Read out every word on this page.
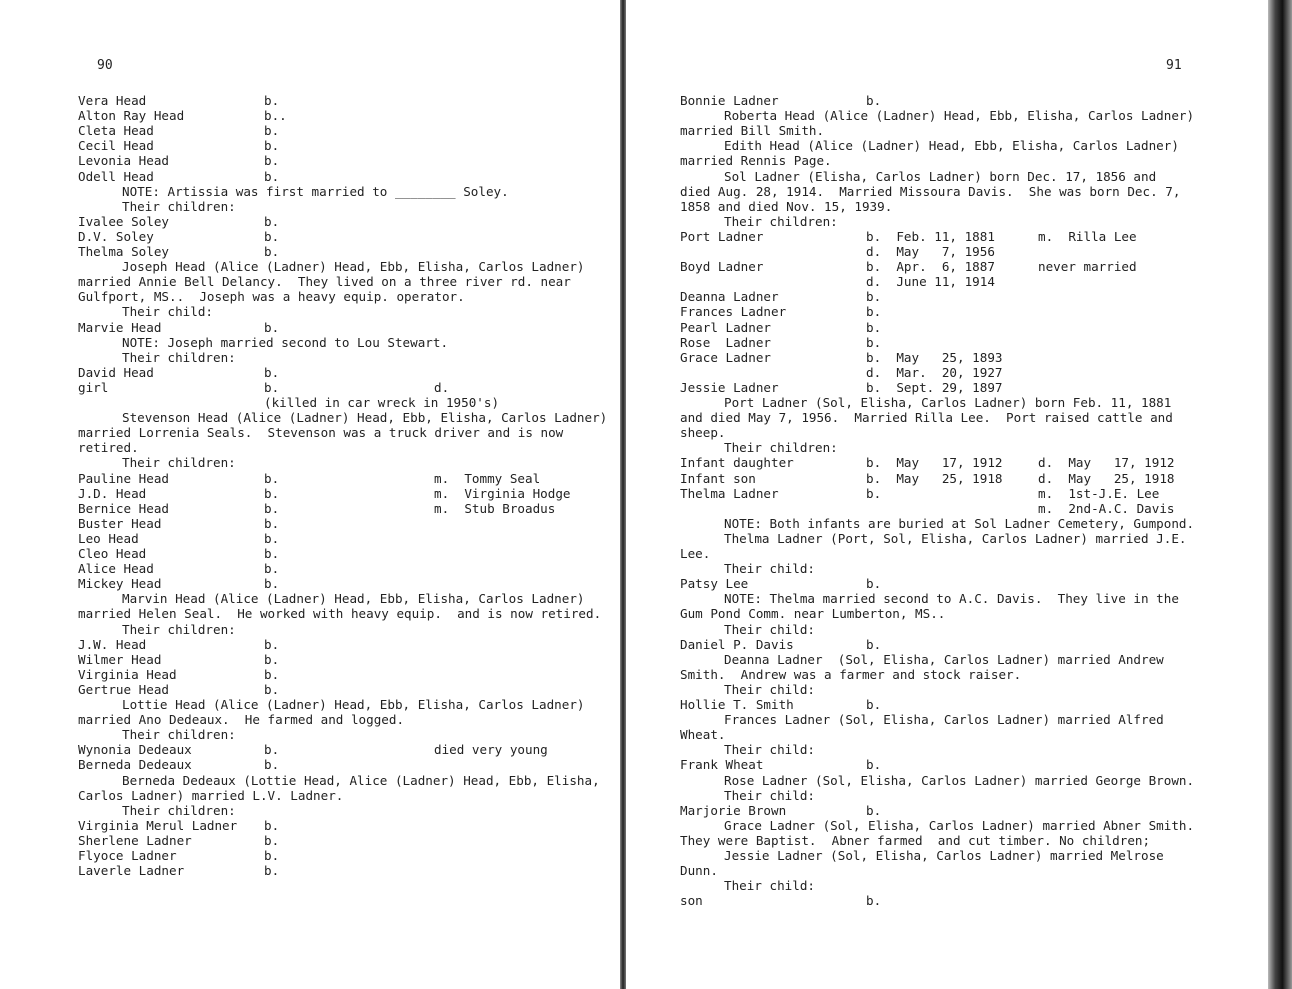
90
Vera Head	b.
Alton Ray Head	b..
Cleta Head	b.
Cecil Head	b.
Levonia Head	b.
Odell Head	b.
NOTE: Artissia was first married to ________ Soley.
Their children:
Ivalee Soley	b.
D.V. Soley	b.
Thelma Soley	b.
Joseph Head (Alice (Ladner) Head, Ebb, Elisha, Carlos Ladner)
married Annie Bell Delancy.  They lived on a three river rd. near
Gulfport, MS..  Joseph was a heavy equip. operator.
Their child:
Marvie Head	b.
NOTE: Joseph married second to Lou Stewart.
Their children:
David Head	b.
girl	b.	d.
(killed in car wreck in 1950's)
Stevenson Head (Alice (Ladner) Head, Ebb, Elisha, Carlos Ladner)
married Lorrenia Seals.  Stevenson was a truck driver and is now
retired.
Their children:
Pauline Head	b.	m.  Tommy Seal
J.D. Head	b.	m.  Virginia Hodge
Bernice Head	b.	m.  Stub Broadus
Buster Head	b.
Leo Head	b.
Cleo Head	b.
Alice Head	b.
Mickey Head	b.
Marvin Head (Alice (Ladner) Head, Ebb, Elisha, Carlos Ladner)
married Helen Seal.  He worked with heavy equip.  and is now retired.
Their children:
J.W. Head	b.
Wilmer Head	b.
Virginia Head	b.
Gertrue Head	b.
Lottie Head (Alice (Ladner) Head, Ebb, Elisha, Carlos Ladner)
married Ano Dedeaux.  He farmed and logged.
Their children:
Wynonia Dedeaux	b.	died very young
Berneda Dedeaux	b.
Berneda Dedeaux (Lottie Head, Alice (Ladner) Head, Ebb, Elisha,
Carlos Ladner) married L.V. Ladner.
Their children:
Virginia Merul Ladner b.
Sherlene Ladner	b.
Flyoce Ladner	b.
Laverle Ladner	b.
91
Bonnie Ladner	b.
Roberta Head (Alice (Ladner) Head, Ebb, Elisha, Carlos Ladner)
married Bill Smith.
Edith Head (Alice (Ladner) Head, Ebb, Elisha, Carlos Ladner)
married Rennis Page.
Sol Ladner (Elisha, Carlos Ladner) born Dec. 17, 1856 and
died Aug. 28, 1914.  Married Missoura Davis.  She was born Dec. 7,
1858 and died Nov. 15, 1939.
Their children:
Port Ladner	b.  Feb. 11, 1881	m.  Rilla Lee
d.  May   7, 1956
Boyd Ladner	b.  Apr.  6, 1887	never married
d.  June 11, 1914
Deanna Ladner	b.
Frances Ladner	b.
Pearl Ladner	b.
Rose  Ladner	b.
Grace Ladner	b.  May   25, 1893
d.  Mar.  20, 1927
Jessie Ladner	b.  Sept. 29, 1897
Port Ladner (Sol, Elisha, Carlos Ladner) born Feb. 11, 1881
and died May 7, 1956.  Married Rilla Lee.  Port raised cattle and
sheep.
Their children:
Infant daughter	b.  May   17, 1912	d.  May   17, 1912
Infant son	b.  May   25, 1918	d.  May   25, 1918
Thelma Ladner	b.	m.  1st-J.E. Lee
m.  2nd-A.C. Davis
NOTE: Both infants are buried at Sol Ladner Cemetery, Gumpond.
Thelma Ladner (Port, Sol, Elisha, Carlos Ladner) married J.E.
Lee.
Their child:
Patsy Lee	b.
NOTE: Thelma married second to A.C. Davis.  They live in the
Gum Pond Comm. near Lumberton, MS..
Their child:
Daniel P. Davis	b.
Deanna Ladner  (Sol, Elisha, Carlos Ladner) married Andrew
Smith.  Andrew was a farmer and stock raiser.
Their child:
Hollie T. Smith	b.
Frances Ladner (Sol, Elisha, Carlos Ladner) married Alfred
Wheat.
Their child:
Frank Wheat	b.
Rose Ladner (Sol, Elisha, Carlos Ladner) married George Brown.
Their child:
Marjorie Brown	b.
Grace Ladner (Sol, Elisha, Carlos Ladner) married Abner Smith.
They were Baptist.  Abner farmed  and cut timber. No children;
Jessie Ladner (Sol, Elisha, Carlos Ladner) married Melrose
Dunn.
Their child:
son	b.
